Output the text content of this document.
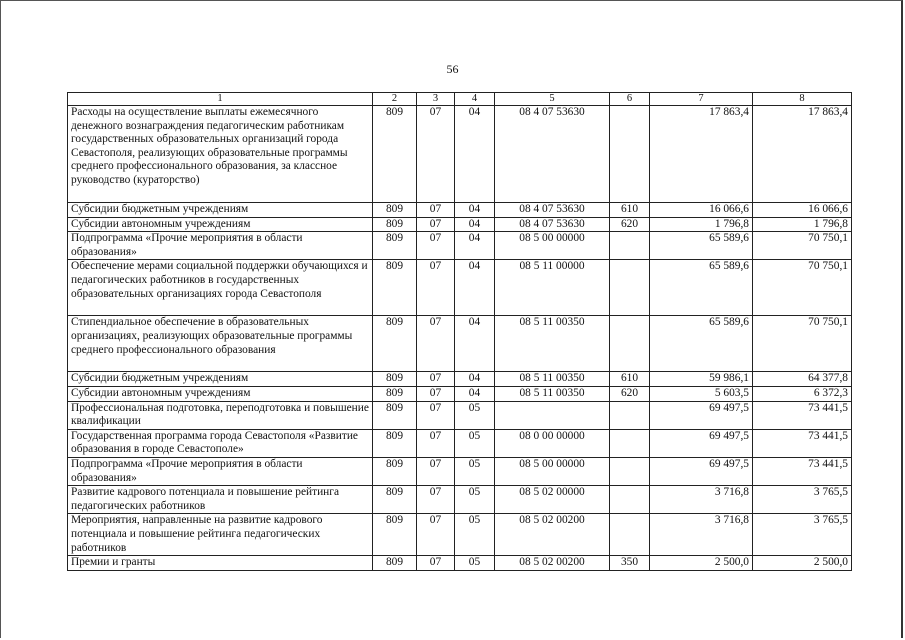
56
1	2	3	4	5	6	7	8
Расходы на осуществление выплаты ежемесячного денежного вознаграждения педагогическим работникам государственных образовательных организаций города Севастополя, реализующих образовательные программы среднего профессионального образования, за классное руководство (кураторство)	809	07	04	08 4 07 53630		17 863,4	17 863,4
Субсидии бюджетным учреждениям	809	07	04	08 4 07 53630	610	16 066,6	16 066,6
Субсидии автономным учреждениям	809	07	04	08 4 07 53630	620	1 796,8	1 796,8
Подпрограмма «Прочие мероприятия в области образования»	809	07	04	08 5 00 00000		65 589,6	70 750,1
Обеспечение мерами социальной поддержки обучающихся и педагогических работников в государственных образовательных организациях города Севастополя	809	07	04	08 5 11 00000		65 589,6	70 750,1
Стипендиальное обеспечение в образовательных организациях, реализующих образовательные программы среднего профессионального образования	809	07	04	08 5 11 00350		65 589,6	70 750,1
Субсидии бюджетным учреждениям	809	07	04	08 5 11 00350	610	59 986,1	64 377,8
Субсидии автономным учреждениям	809	07	04	08 5 11 00350	620	5 603,5	6 372,3
Профессиональная подготовка, переподготовка и повышение квалификации	809	07	05			69 497,5	73 441,5
Государственная программа города Севастополя «Развитие образования в городе Севастополе»	809	07	05	08 0 00 00000		69 497,5	73 441,5
Подпрограмма «Прочие мероприятия в области образования»	809	07	05	08 5 00 00000		69 497,5	73 441,5
Развитие кадрового потенциала и повышение рейтинга педагогических работников	809	07	05	08 5 02 00000		3 716,8	3 765,5
Мероприятия, направленные на развитие кадрового потенциала и повышение рейтинга педагогических работников	809	07	05	08 5 02 00200		3 716,8	3 765,5
Премии и гранты	809	07	05	08 5 02 00200	350	2 500,0	2 500,0
